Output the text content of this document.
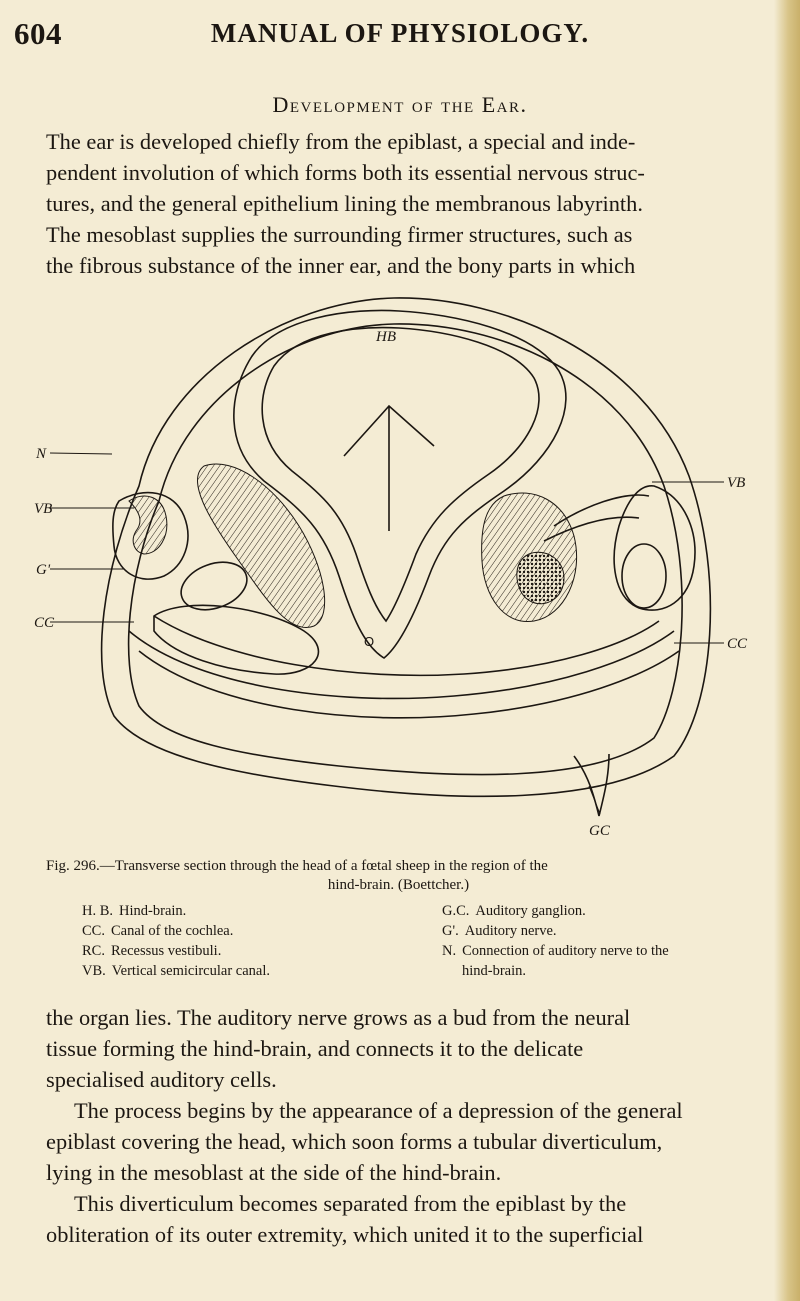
604	MANUAL OF PHYSIOLOGY.
Development of the Ear.

The ear is developed chiefly from the epiblast, a special and inde-
pendent involution of which forms both its essential nervous struc-
tures, and the general epithelium lining the membranous labyrinth.
The mesoblast supplies the surrounding firmer structures, such as
the fibrous substance of the inner ear, and the bony parts in which

HB
N
VB
G'
CC
VB
CC
O
GC
Fig. 296.—Transverse section through the head of a fœtal sheep in the region of the
hind-brain. (Boettcher.)
H. B. Hind-brain.
CC. Canal of the cochlea.
RC. Recessus vestibuli.
VB. Vertical semicircular canal.
G.C. Auditory ganglion.
G'. Auditory nerve.
N. Connection of auditory nerve to the
hind-brain.

the organ lies. The auditory nerve grows as a bud from the neural
tissue forming the hind-brain, and connects it to the delicate
specialised auditory cells.
The process begins by the appearance of a depression of the general
epiblast covering the head, which soon forms a tubular diverticulum,
lying in the mesoblast at the side of the hind-brain.
This diverticulum becomes separated from the epiblast by the
obliteration of its outer extremity, which united it to the superficial
